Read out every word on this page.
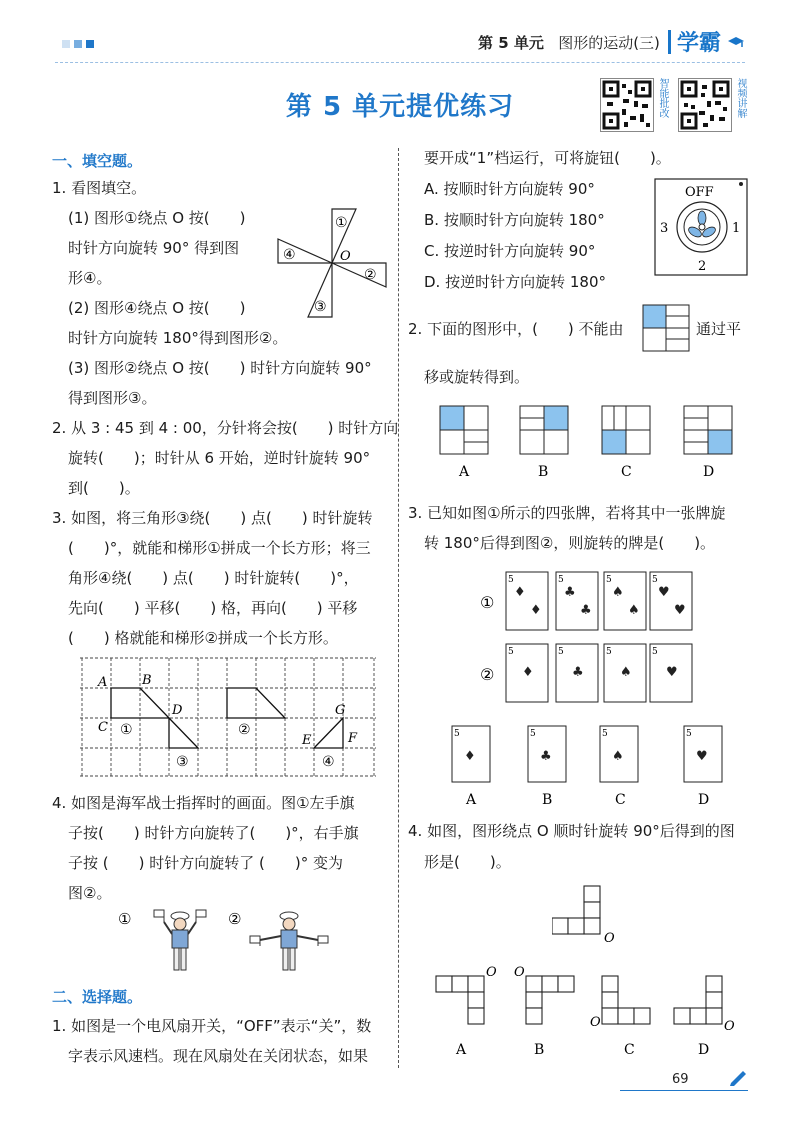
第 5 单元 图形的运动(三) 学霸
第 5 单元提优练习	智能批改	视频讲解
一、填空题。
1. 看图填空。
(1) 图形①绕点 O 按(　　)
时针方向旋转 90° 得到图
形④。
(2) 图形④绕点 O 按(　　)
时针方向旋转 180°得到图形②。
(3) 图形②绕点 O 按(　　) 时针方向旋转 90°
得到图形③。
①
②
③
④	O
2. 从 3 : 45 到 4 : 00，分针将会按(　　) 时针方向
旋转(　　)；时针从 6 开始，逆时针旋转 90°
到(　　)。
3. 如图，将三角形③绕(　　) 点(　　) 时针旋转
(　　)°，就能和梯形①拼成一个长方形；将三
角形④绕(　　) 点(　　) 时针旋转(　　)°，
先向(　　) 平移(　　) 格，再向(　　) 平移
(　　) 格就能和梯形②拼成一个长方形。
A	B
C
D
E	F
G
①	②
③	④
4. 如图是海军战士指挥时的画面。图①左手旗
子按(　　) 时针方向旋转了(　　)°，右手旗
子按 (　　) 时针方向旋转了 (　　)° 变为
图②。
①	②
二、选择题。
1. 如图是一个电风扇开关，“OFF”表示“关”，数
字表示风速档。现在风扇处在关闭状态，如果
要开成“1”档运行，可将旋钮(　　)。
A. 按顺时针方向旋转 90°
B. 按顺时针方向旋转 180°
C. 按逆时针方向旋转 90°
D. 按逆时针方向旋转 180°
OFF
3	1
2
2. 下面的图形中，(　　) 不能由	通过平
移或旋转得到。
A	B	C	D
3. 已知如图①所示的四张牌，若将其中一张牌旋
转 180°后得到图②，则旋转的牌是(　　)。
①
②
♦
♦
♣
♣
♠
♠
♥
♥
♦	♣	♠	♥
5	5	5	5
5	5	5	5
♦	♣	♠	♥
5	5	5	5
A	B	C	D
4. 如图，图形绕点 O 顺时针旋转 90°后得到的图
形是(　　)。
O
O O
O	O
A	B	C	D
69
